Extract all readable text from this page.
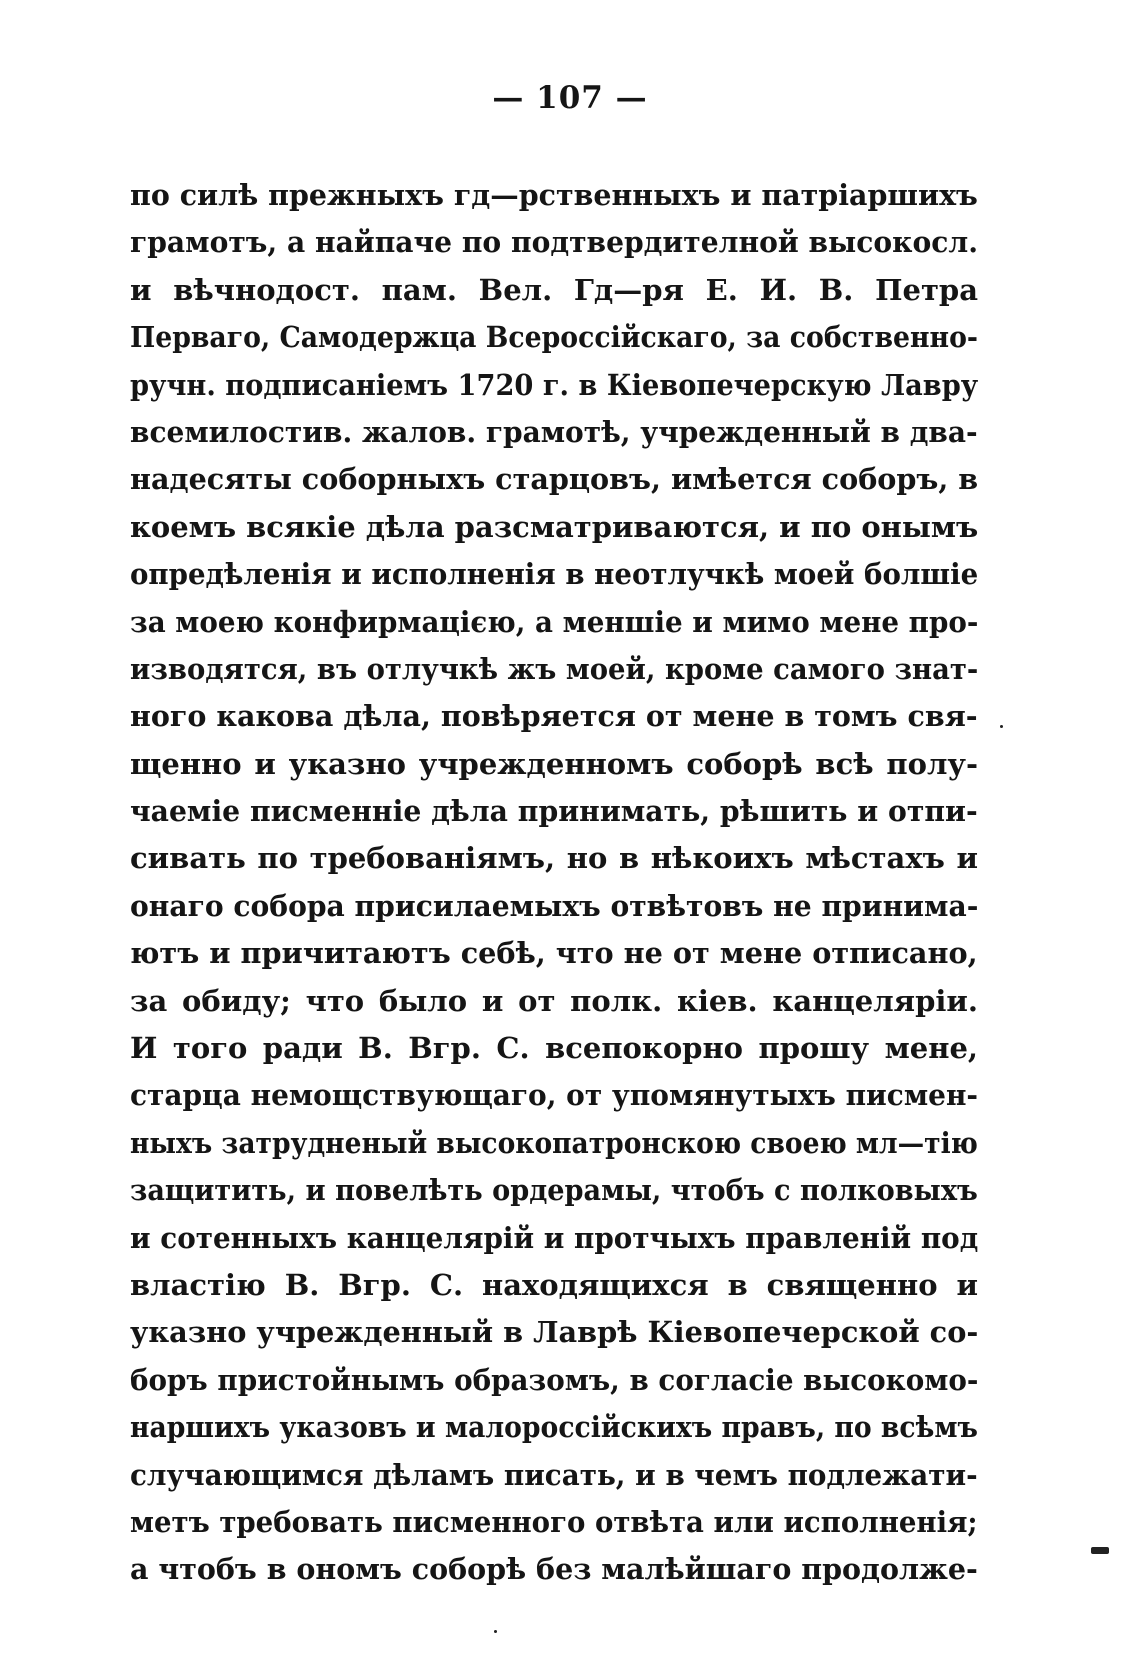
— 107 —
по силѣ прежныхъ гд—рственныхъ и патріаршихъ
грамотъ, а найпаче по подтвердителной высокосл.
и вѣчнодост. пам. Вел. Гд—ря Е. И. В. Петра
Перваго, Самодержца Всероссійскаго, за собственно-
ручн. подписаніемъ 1720 г. в Кіевопечерскую Лавру
всемилостив. жалов. грамотѣ, учрежденный в два-
надесяты соборныхъ старцовъ, имѣется соборъ, в
коемъ всякіе дѣла разсматриваются, и по онымъ
опредѣленія и исполненія в неотлучкѣ моей болшіе
за моею конфирмацією, а меншіе и мимо мене про-
изводятся, въ отлучкѣ жъ моей, кроме самого знат-
ного какова дѣла, повѣряется от мене в томъ свя-
щенно и указно учрежденномъ соборѣ всѣ полу-
чаеміе писменніе дѣла принимать, рѣшить и отпи-
сивать по требованіямъ, но в нѣкоихъ мѣстахъ и
онаго собора присилаемыхъ отвѣтовъ не принима-
ютъ и причитаютъ себѣ, что не от мене отписано,
за обиду; что было и от полк. кіев. канцеляріи.
И того ради В. Вгр. С. всепокорно прошу мене,
старца немощствующаго, от упомянутыхъ писмен-
ныхъ затрудненый высокопатронскою своею мл—тію
защитить, и повелѣть ордерамы, чтобъ с полковыхъ
и сотенныхъ канцелярій и протчыхъ правленій под
властію В. Вгр. С. находящихся в священно и
указно учрежденный в Лаврѣ Кіевопечерской со-
боръ пристойнымъ образомъ, в согласіе высокомо-
наршихъ указовъ и малороссійскихъ правъ, по всѣмъ
случающимся дѣламъ писать, и в чемъ подлежати-
метъ требовать писменного отвѣта или исполненія;
а чтобъ в ономъ соборѣ без малѣйшаго продолже-
